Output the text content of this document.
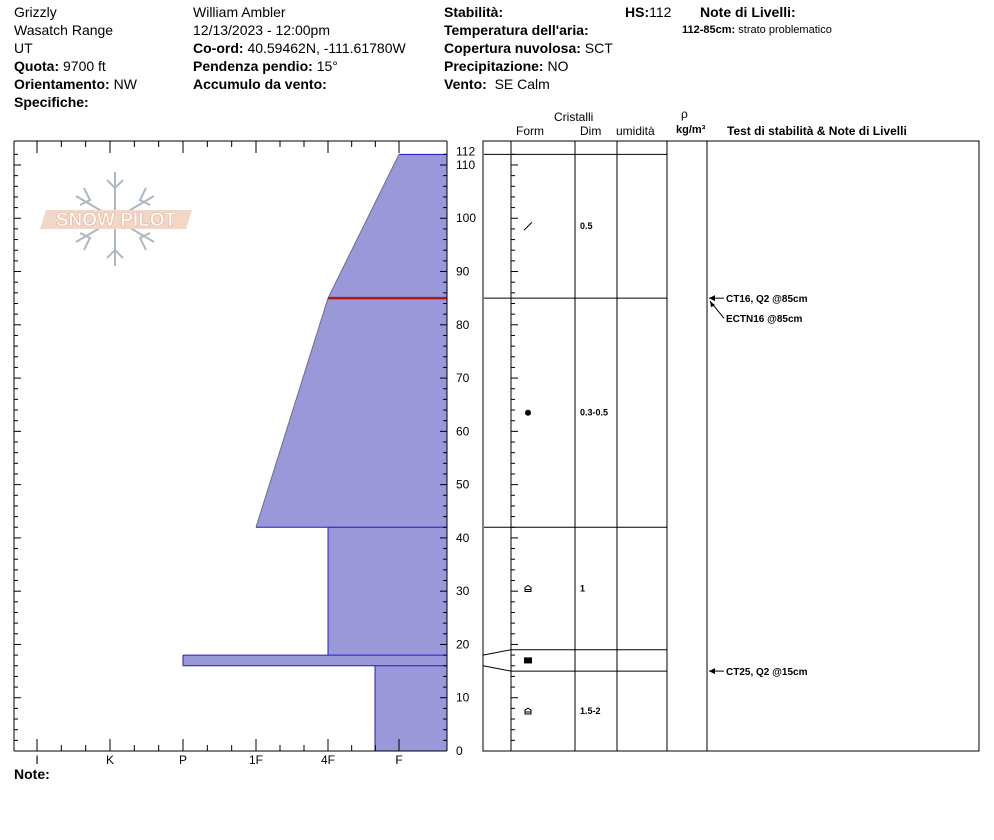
Grizzly
Wasatch Range
UT
Quota: 9700 ft
Orientamento: NW
Specifiche:
William Ambler
12/13/2023 - 12:00pm
Co-ord: 40.59462N, -111.61780W
Pendenza pendio: 15°
Accumulo da vento:
Stabilità:
Temperatura dell'aria:
Copertura nuvolosa: SCT
Precipitazione: NO
Vento: SE Calm
HS:112 Note di Livelli:
112-85cm: strato problematico
Cristalli
Form	Dim umidità
ρ
kg/m³ Test di stabilità & Note di Livelli
Note:
SNOW PILOT
0
10
20
30
40
50
60
70
80
90
100
110
112
I	K	P	1F	4F	F
0.5
0.3-0.5
1
1.5-2
CT16, Q2 @85cm
ECTN16 @85cm
CT25, Q2 @15cm
